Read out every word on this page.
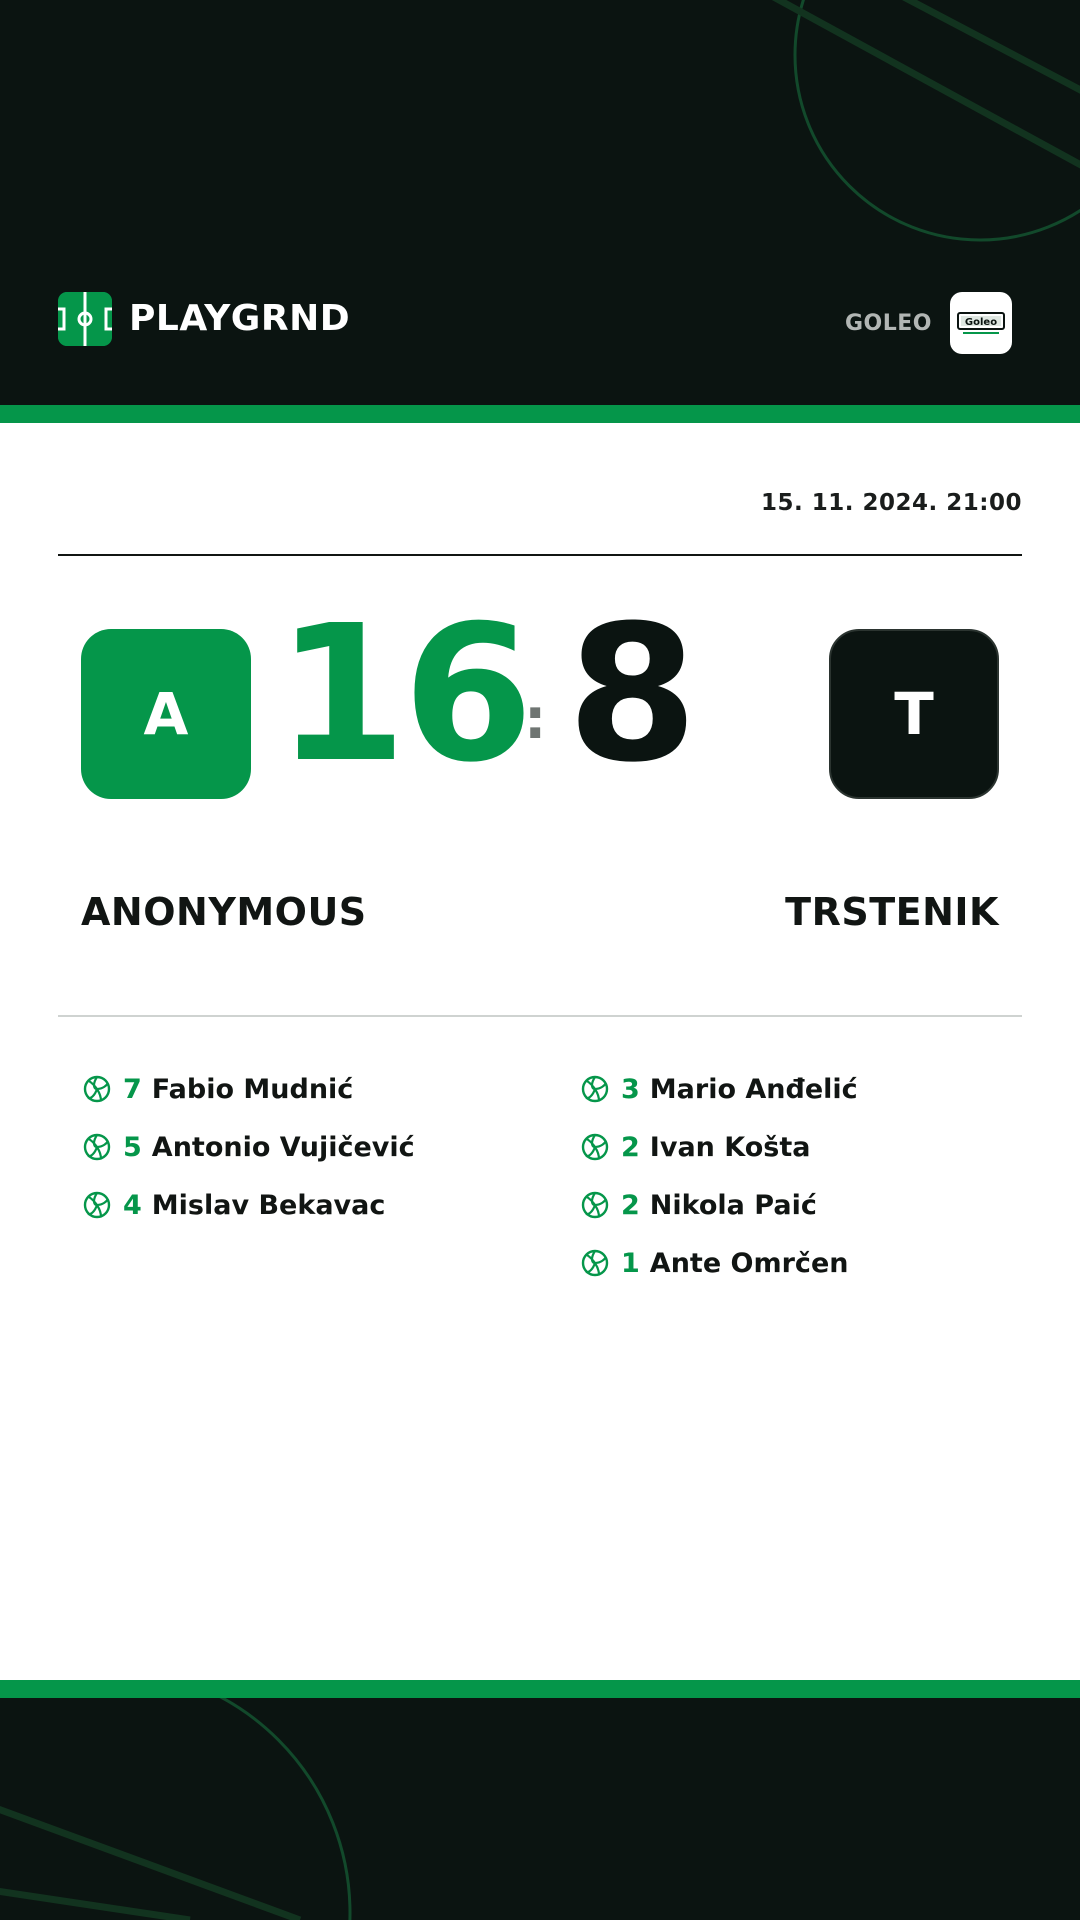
PLAYGRND	GOLEO	Goleo
15. 11. 2024. 21:00
A 16
: 8	T
ANONYMOUS	TRSTENIK
7 Fabio Mudnić
5 Antonio Vujičević
4 Mislav Bekavac
3 Mario Anđelić
2 Ivan Košta
2 Nikola Paić
1 Ante Omrčen
